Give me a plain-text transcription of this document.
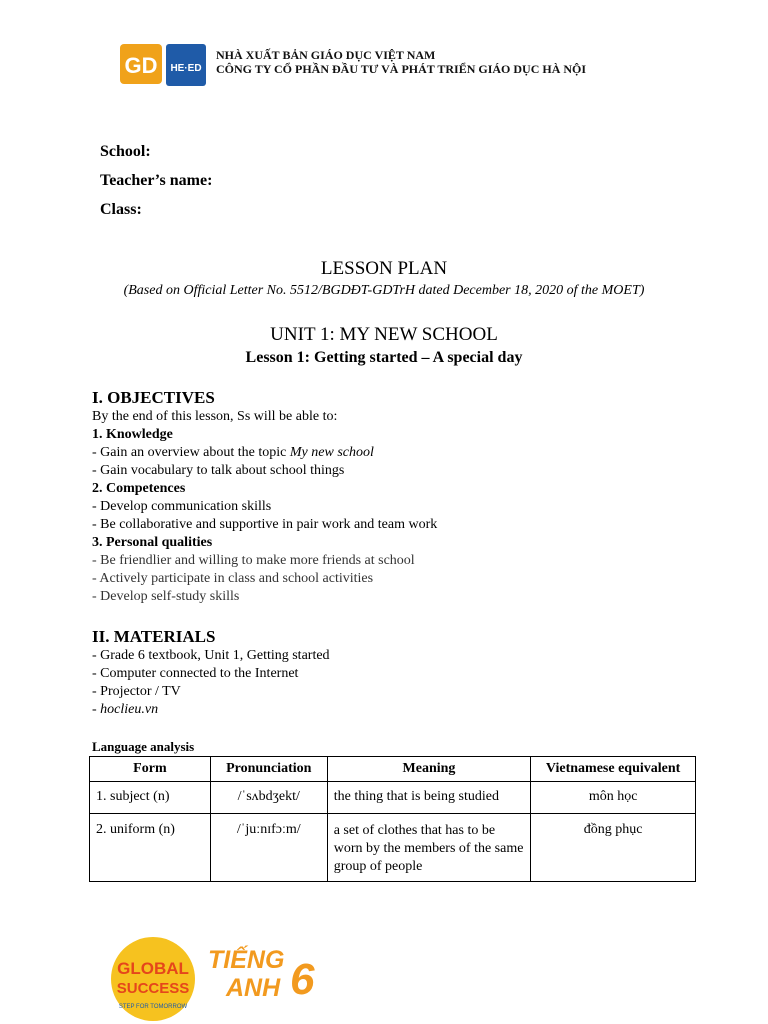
GD HE·ED
NHÀ XUẤT BẢN GIÁO DỤC VIỆT NAM
CÔNG TY CỔ PHẦN ĐẦU TƯ VÀ PHÁT TRIỂN GIÁO DỤC HÀ NỘI
School:
Teacher’s name:
Class:
LESSON PLAN
(Based on Official Letter No. 5512/BGDĐT-GDTrH dated December 18, 2020 of the MOET)
UNIT 1: MY NEW SCHOOL
Lesson 1: Getting started – A special day
I. OBJECTIVES
By the end of this lesson, Ss will be able to:
1. Knowledge
- Gain an overview about the topic My new school
- Gain vocabulary to talk about school things
2. Competences
- Develop communication skills
- Be collaborative and supportive in pair work and team work
3. Personal qualities
- Be friendlier and willing to make more friends at school
- Actively participate in class and school activities
- Develop self-study skills
II. MATERIALS
- Grade 6 textbook, Unit 1, Getting started
- Computer connected to the Internet
- Projector / TV
- hoclieu.vn
Language analysis
Form	Pronunciation	Meaning	Vietnamese equivalent
1. subject (n)	/ˈsʌbdʒekt/	the thing that is being studied	môn học
2. uniform (n)	/ˈjuːnɪfɔːm/	a set of clothes that has to be worn by the members of the same group of people	đồng phục
GLOBAL
SUCCESS
STEP FOR TOMORROW
TIẾNG
ANH 6
